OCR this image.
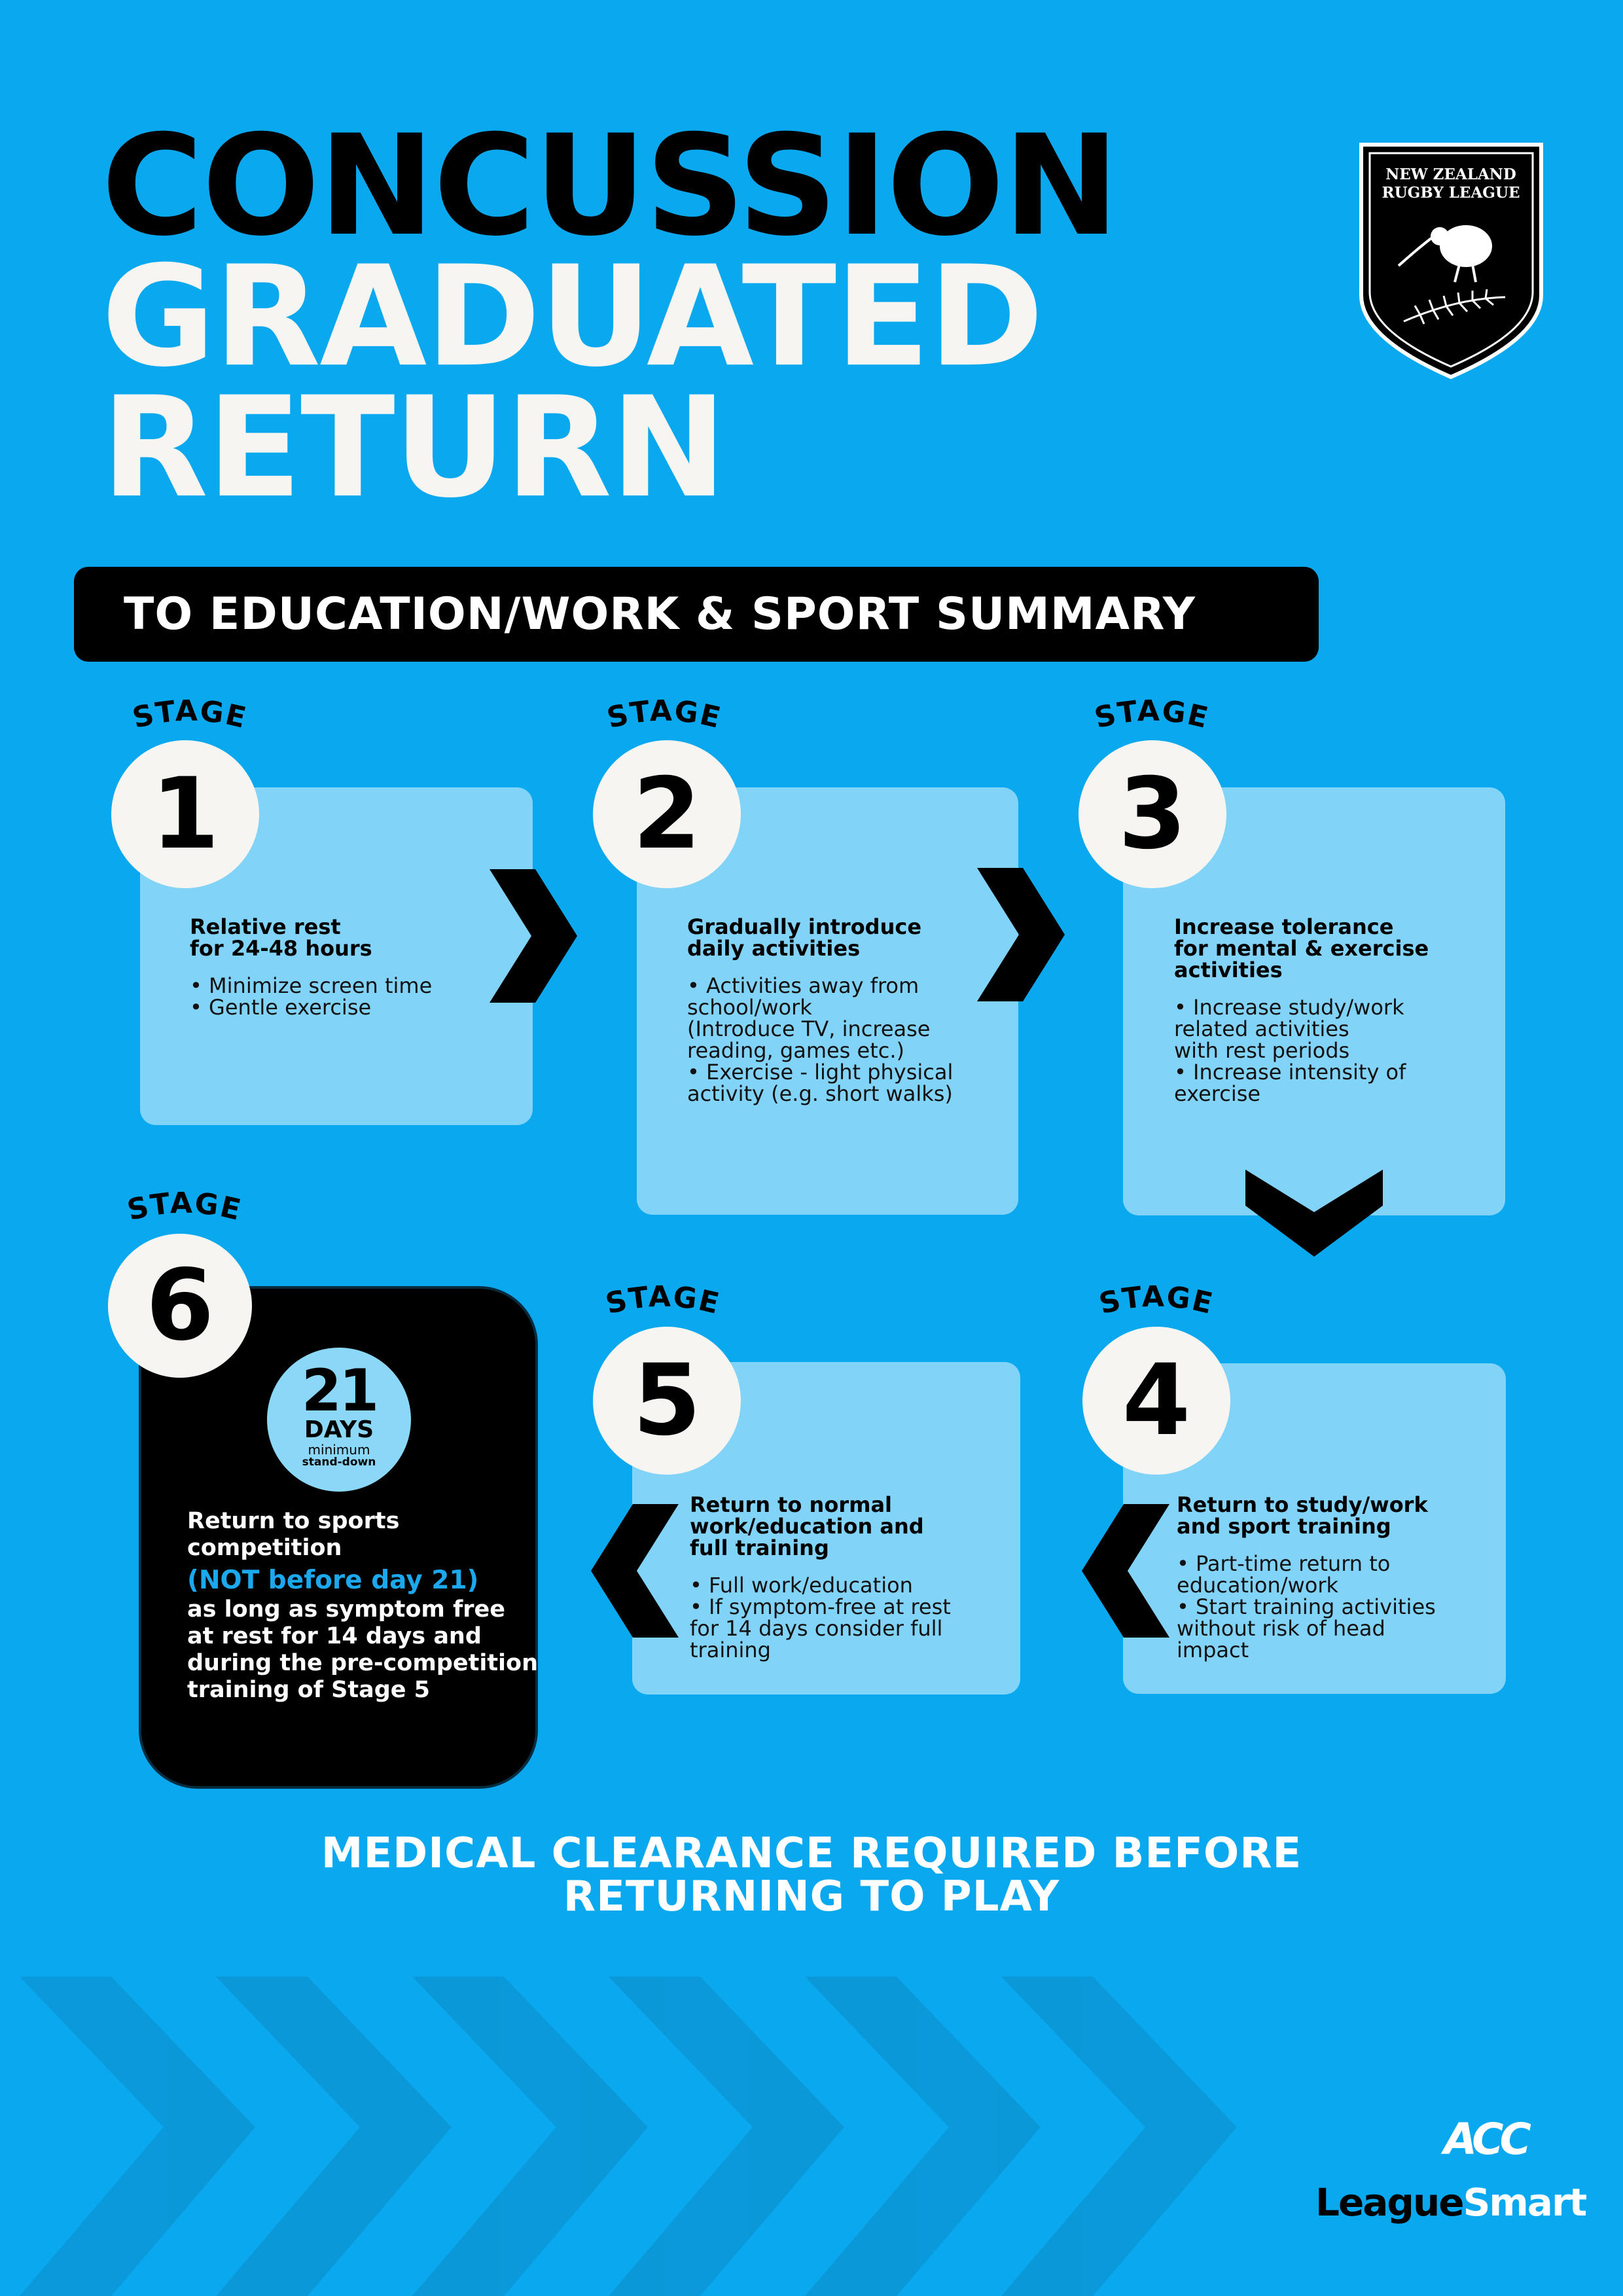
CONCUSSION
GRADUATED
RETURN
NEW ZEALAND
RUGBY LEAGUE

TO EDUCATION/WORK & SPORT SUMMARY

STAGE
1

Relative rest

for 24-48 hours

• Minimize screen time

• Gentle exercise

STAGE
2

Gradually introduce

daily activities

• Activities away from

school/work

(Introduce TV, increase

reading, games etc.)

• Exercise - light physical

activity (e.g. short walks)

STAGE
3

Increase tolerance

for mental & exercise

activities

• Increase study/work

related activities

with rest periods

• Increase intensity of

exercise

STAGE
4

Return to study/work

and sport training

• Part-time return to

education/work

• Start training activities

without risk of head

impact

STAGE
5

Return to normal

work/education and

full training

• Full work/education

• If symptom-free at rest

for 14 days consider full

training

STAGE
6

21

DAYS

minimum

stand-down

Return to sports

competition

(NOT before day 21)

as long as symptom free

at rest for 14 days and

during the pre-competition

training of Stage 5

MEDICAL CLEARANCE REQUIRED BEFORE

RETURNING TO PLAY

ACC

LeagueSmart
